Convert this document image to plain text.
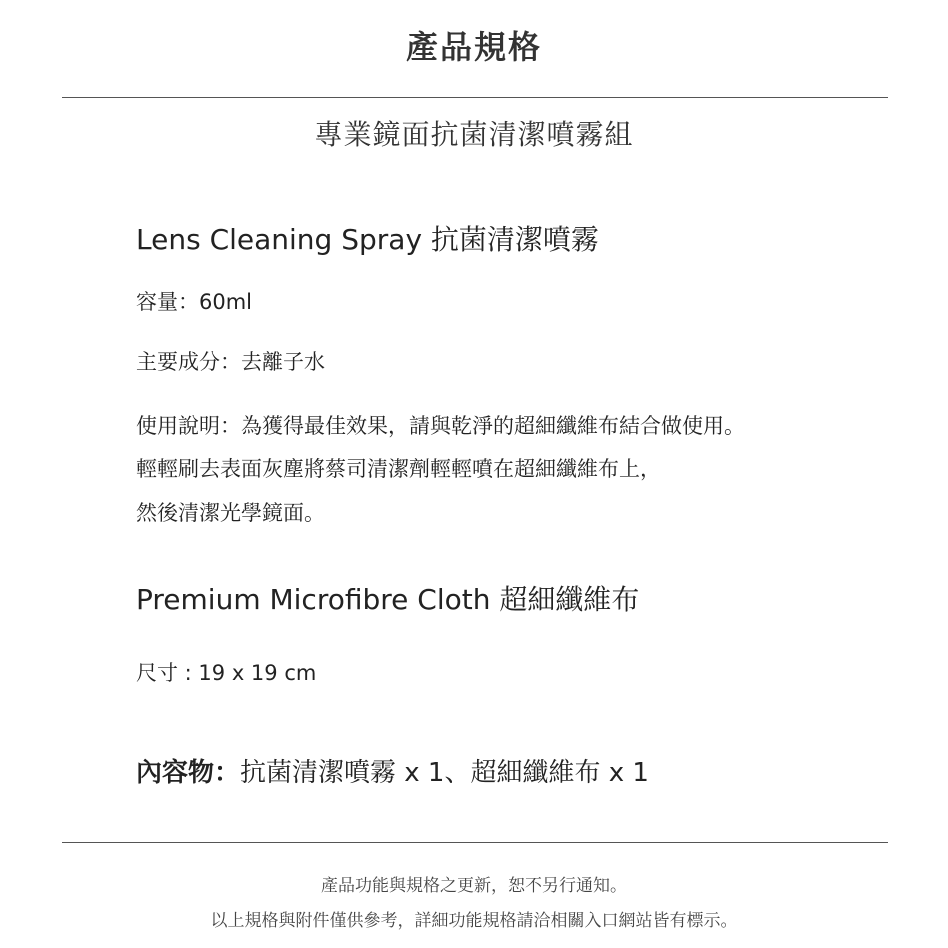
產品規格
專業鏡面抗菌清潔噴霧組
Lens Cleaning Spray 抗菌清潔噴霧
容量：60ml
主要成分：去離子水
使用說明：為獲得最佳效果，請與乾淨的超細纖維布結合做使用。
輕輕刷去表面灰塵將蔡司清潔劑輕輕噴在超細纖維布上，
然後清潔光學鏡面。
Premium Microfibre Cloth 超細纖維布
尺寸 : 19 x 19 cm
內容物：抗菌清潔噴霧 x 1、超細纖維布 x 1
產品功能與規格之更新，恕不另行通知。
以上規格與附件僅供參考，詳細功能規格請洽相關入口網站皆有標示。
